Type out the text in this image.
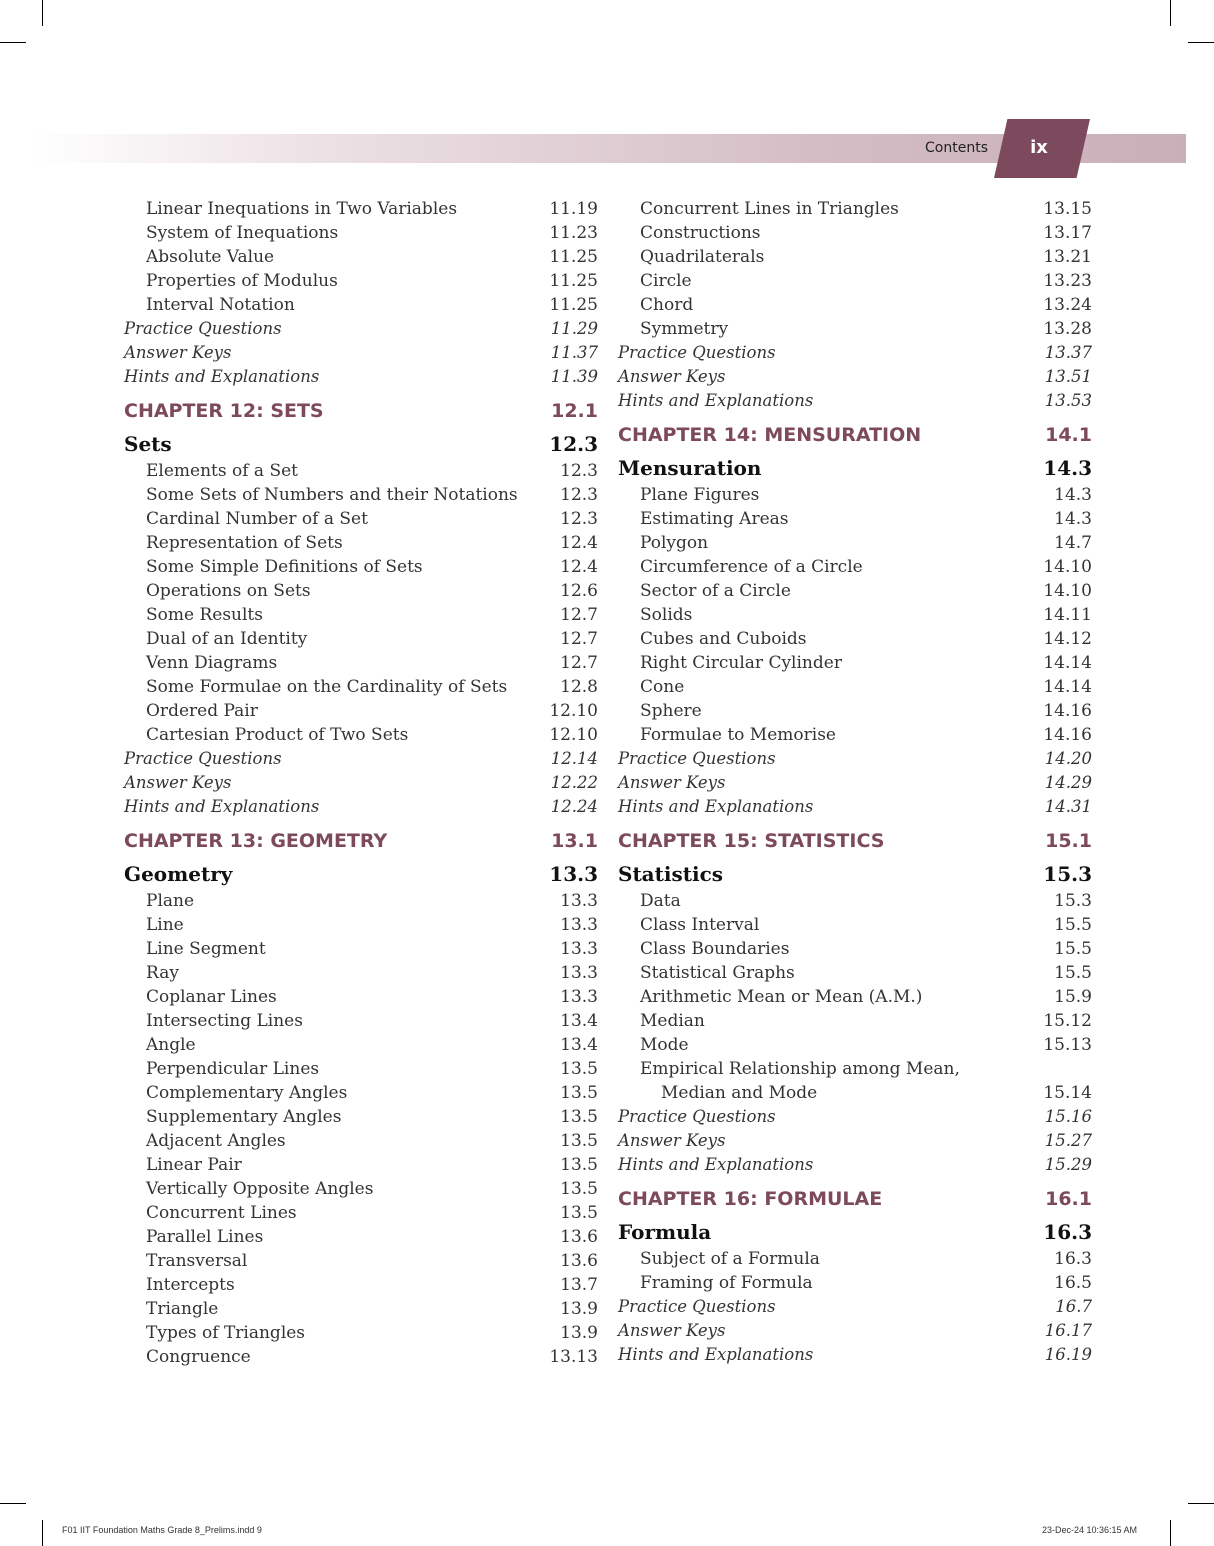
Contents	ix
Linear Inequations in Two Variables	11.19
System of Inequations	11.23
Absolute Value	11.25
Properties of Modulus	11.25
Interval Notation	11.25
Practice Questions	11.29
Answer Keys	11.37
Hints and Explanations	11.39
CHAPTER 12: SETS	12.1
Sets	12.3
Elements of a Set	12.3
Some Sets of Numbers and their Notations	12.3
Cardinal Number of a Set	12.3
Representation of Sets	12.4
Some Simple Definitions of Sets	12.4
Operations on Sets	12.6
Some Results	12.7
Dual of an Identity	12.7
Venn Diagrams	12.7
Some Formulae on the Cardinality of Sets	12.8
Ordered Pair	12.10
Cartesian Product of Two Sets	12.10
Practice Questions	12.14
Answer Keys	12.22
Hints and Explanations	12.24
CHAPTER 13: GEOMETRY	13.1
Geometry	13.3
Plane	13.3
Line	13.3
Line Segment	13.3
Ray	13.3
Coplanar Lines	13.3
Intersecting Lines	13.4
Angle	13.4
Perpendicular Lines	13.5
Complementary Angles	13.5
Supplementary Angles	13.5
Adjacent Angles	13.5
Linear Pair	13.5
Vertically Opposite Angles	13.5
Concurrent Lines	13.5
Parallel Lines	13.6
Transversal	13.6
Intercepts	13.7
Triangle	13.9
Types of Triangles	13.9
Congruence	13.13
Concurrent Lines in Triangles	13.15
Constructions	13.17
Quadrilaterals	13.21
Circle	13.23
Chord	13.24
Symmetry	13.28
Practice Questions	13.37
Answer Keys	13.51
Hints and Explanations	13.53
CHAPTER 14: MENSURATION	14.1
Mensuration	14.3
Plane Figures	14.3
Estimating Areas	14.3
Polygon	14.7
Circumference of a Circle	14.10
Sector of a Circle	14.10
Solids	14.11
Cubes and Cuboids	14.12
Right Circular Cylinder	14.14
Cone	14.14
Sphere	14.16
Formulae to Memorise	14.16
Practice Questions	14.20
Answer Keys	14.29
Hints and Explanations	14.31
CHAPTER 15: STATISTICS	15.1
Statistics	15.3
Data	15.3
Class Interval	15.5
Class Boundaries	15.5
Statistical Graphs	15.5
Arithmetic Mean or Mean (A.M.)	15.9
Median	15.12
Mode	15.13
Empirical Relationship among Mean,
Median and Mode	15.14
Practice Questions	15.16
Answer Keys	15.27
Hints and Explanations	15.29
CHAPTER 16: FORMULAE	16.1
Formula	16.3
Subject of a Formula	16.3
Framing of Formula	16.5
Practice Questions	16.7
Answer Keys	16.17
Hints and Explanations	16.19
F01 IIT Foundation Maths Grade 8_Prelims.indd 9	23-Dec-24 10:36:15 AM
